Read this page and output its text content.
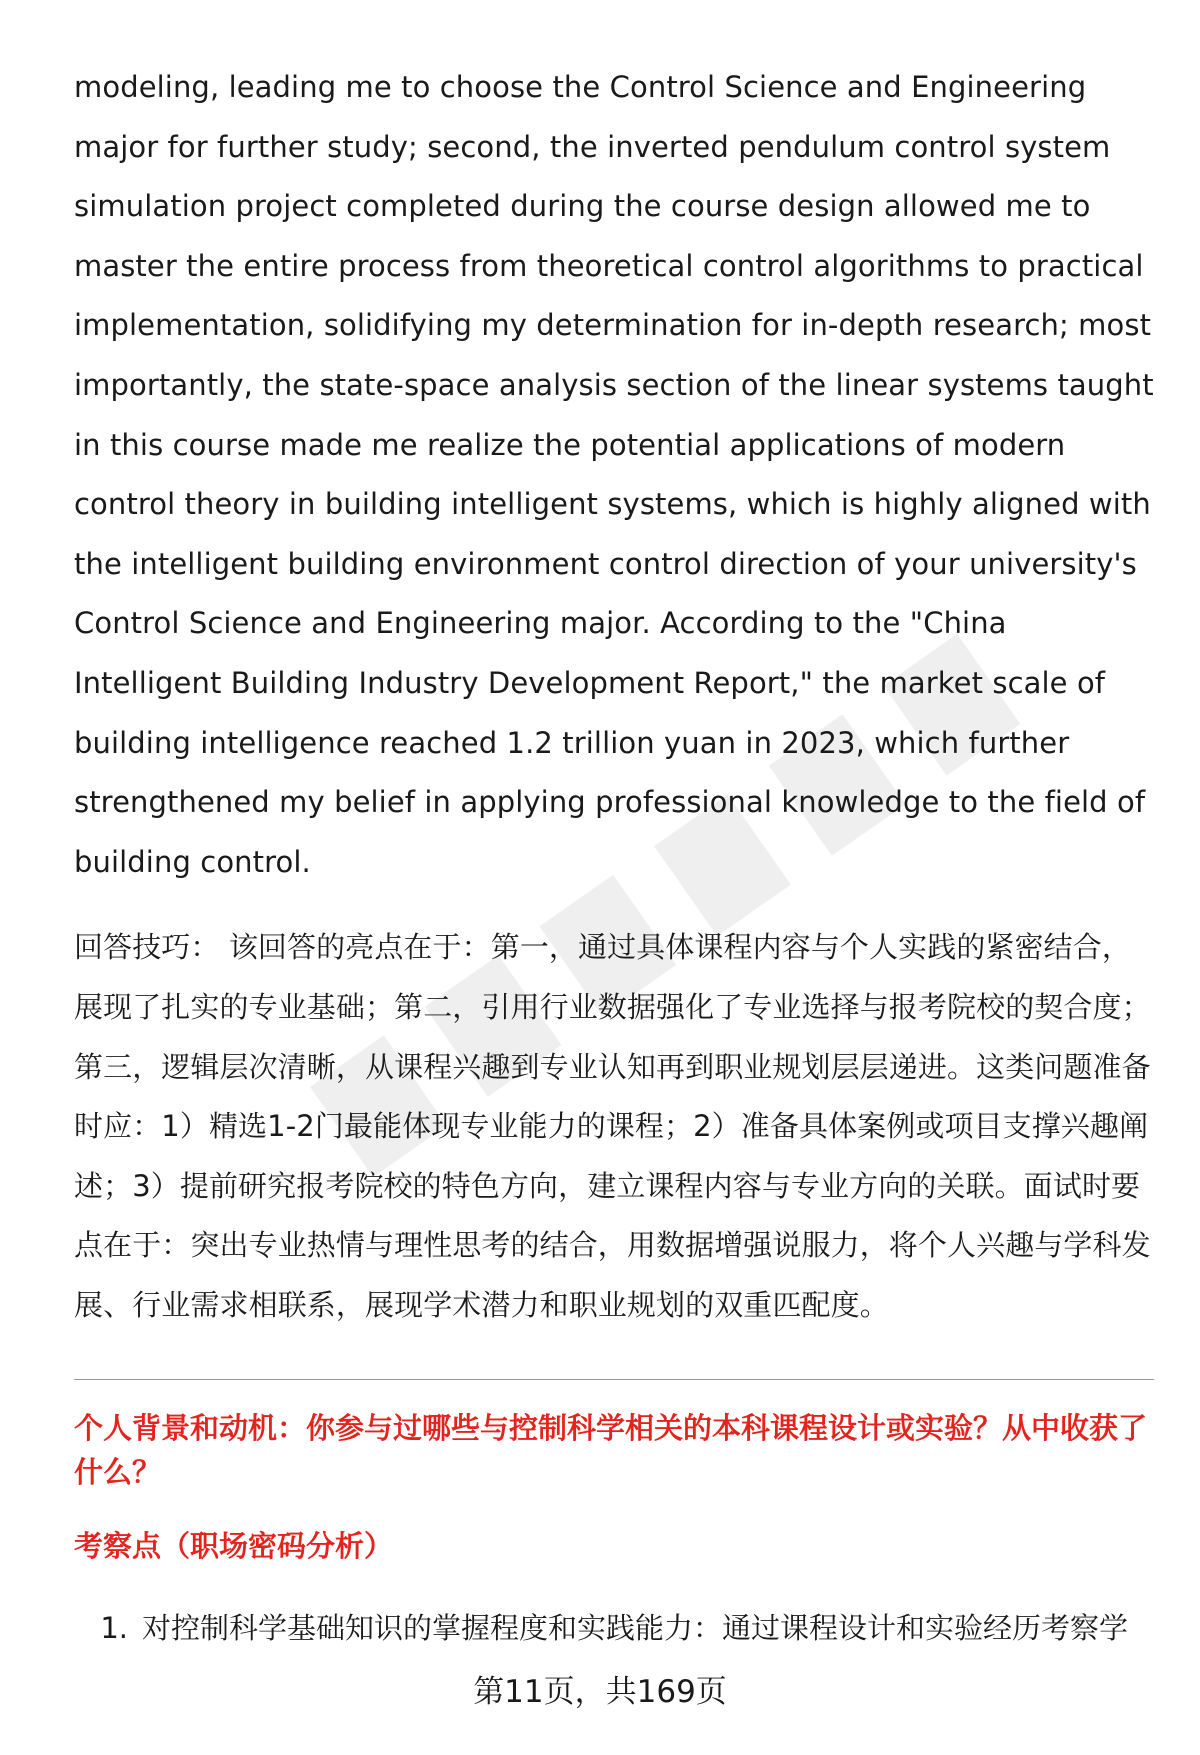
modeling, leading me to choose the Control Science and Engineering major for further study; second, the inverted pendulum control system simulation project completed during the course design allowed me to master the entire process from theoretical control algorithms to practical implementation, solidifying my determination for in-depth research; most importantly, the state-space analysis section of the linear systems taught in this course made me realize the potential applications of modern control theory in building intelligent systems, which is highly aligned with the intelligent building environment control direction of your university's Control Science and Engineering major. According to the "China Intelligent Building Industry Development Report," the market scale of building intelligence reached 1.2 trillion yuan in 2023, which further strengthened my belief in applying professional knowledge to the field of building control.

回答技巧： 该回答的亮点在于：第一，通过具体课程内容与个人实践的紧密结合，展现了扎实的专业基础；第二，引用行业数据强化了专业选择与报考院校的契合度；第三，逻辑层次清晰，从课程兴趣到专业认知再到职业规划层层递进。这类问题准备时应：1）精选1-2门最能体现专业能力的课程；2）准备具体案例或项目支撑兴趣阐述；3）提前研究报考院校的特色方向，建立课程内容与专业方向的关联。面试时要点在于：突出专业热情与理性思考的结合，用数据增强说服力，将个人兴趣与学科发展、行业需求相联系，展现学术潜力和职业规划的双重匹配度。

个人背景和动机：你参与过哪些与控制科学相关的本科课程设计或实验？从中收获了什么？
考察点（职场密码分析）
1. 对控制科学基础知识的掌握程度和实践能力：通过课程设计和实验经历考察学
第11页，共169页
